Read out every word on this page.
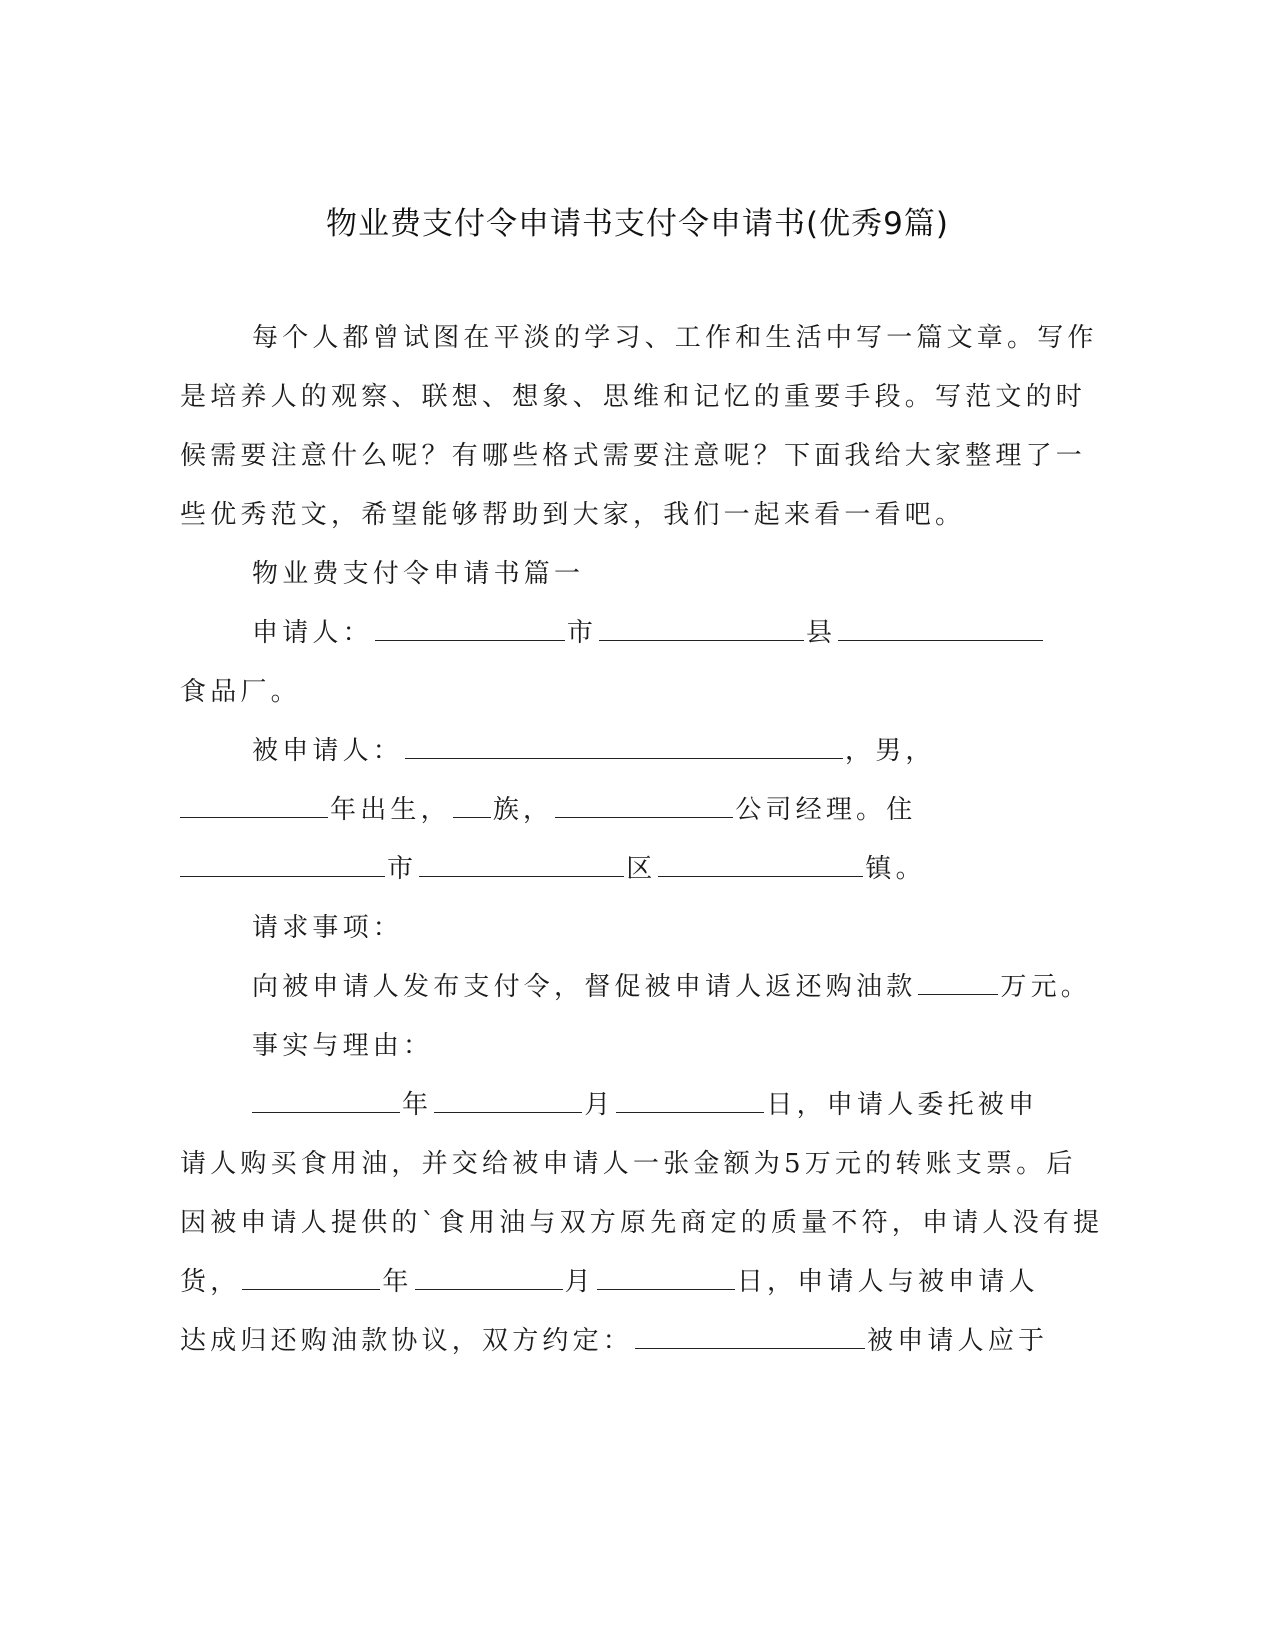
物业费支付令申请书支付令申请书(优秀9篇)
每个人都曾试图在平淡的学习、工作和生活中写一篇文章。写作
是培养人的观察、联想、想象、思维和记忆的重要手段。写范文的时
候需要注意什么呢？有哪些格式需要注意呢？下面我给大家整理了一
些优秀范文，希望能够帮助到大家，我们一起来看一看吧。
物业费支付令申请书篇一
申请人：	市	县
食品厂。
被申请人：	，男，
年出生， 族，	公司经理。住
市	区	镇。
请求事项：
向被申请人发布支付令，督促被申请人返还购油款	万元。
事实与理由：
年	月	日，申请人委托被申
请人购买食用油，并交给被申请人一张金额为5万元的转账支票。后
因被申请人提供的`食用油与双方原先商定的质量不符，申请人没有提
货，	年	月	日，申请人与被申请人
达成归还购油款协议，双方约定：	被申请人应于
